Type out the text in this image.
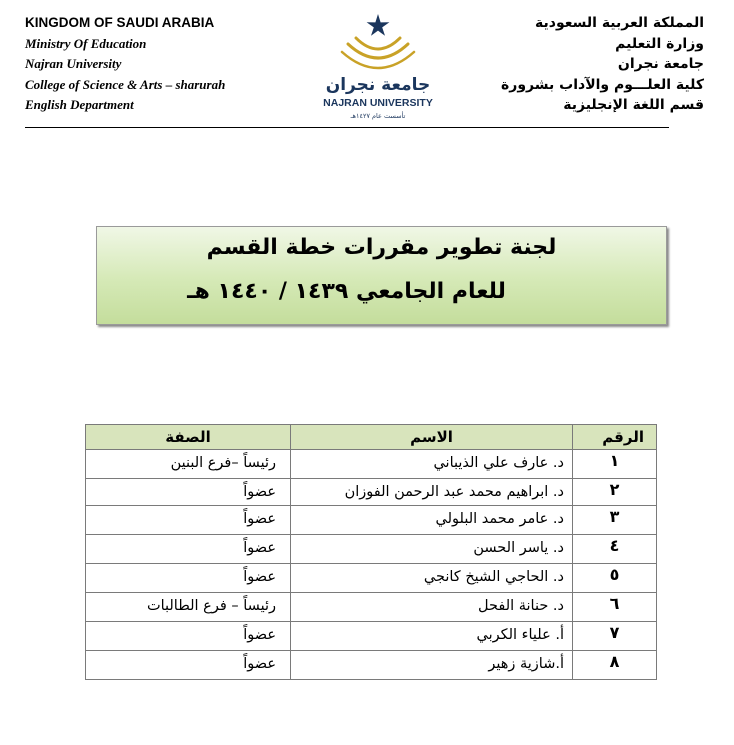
KINGDOM OF SAUDI ARABIA
Ministry Of Education
Najran University
College of Science & Arts – sharurah
English Department
جامعة نجران
NAJRAN UNIVERSITY
تأسست عام ١٤٢٧هـ
المملكة العربية السعودية
وزارة التعليم
جامعة نجران
كلية العلـــوم والآداب بشرورة
قسم اللغة الإنجليزية
لجنة تطوير مقررات خطة القسم
للعام الجامعي ١٤٣٩ / ١٤٤٠ هـ
الرقم	الاسم	الصفة
١	د. عارف علي الذيباني	رئيساً –فرع البنين
٢	د. ابراهيم محمد عبد الرحمن الفوزان	عضواً
٣	د. عامر محمد البلولي	عضواً
٤	د. ياسر الحسن	عضواً
٥	د. الحاجي الشيخ كانجي	عضواً
٦	د. حنانة الفحل	رئيساً – فرع الطالبات
٧	أ. علياء الكربي	عضواً
٨	أ.شازية زهير	عضواً
